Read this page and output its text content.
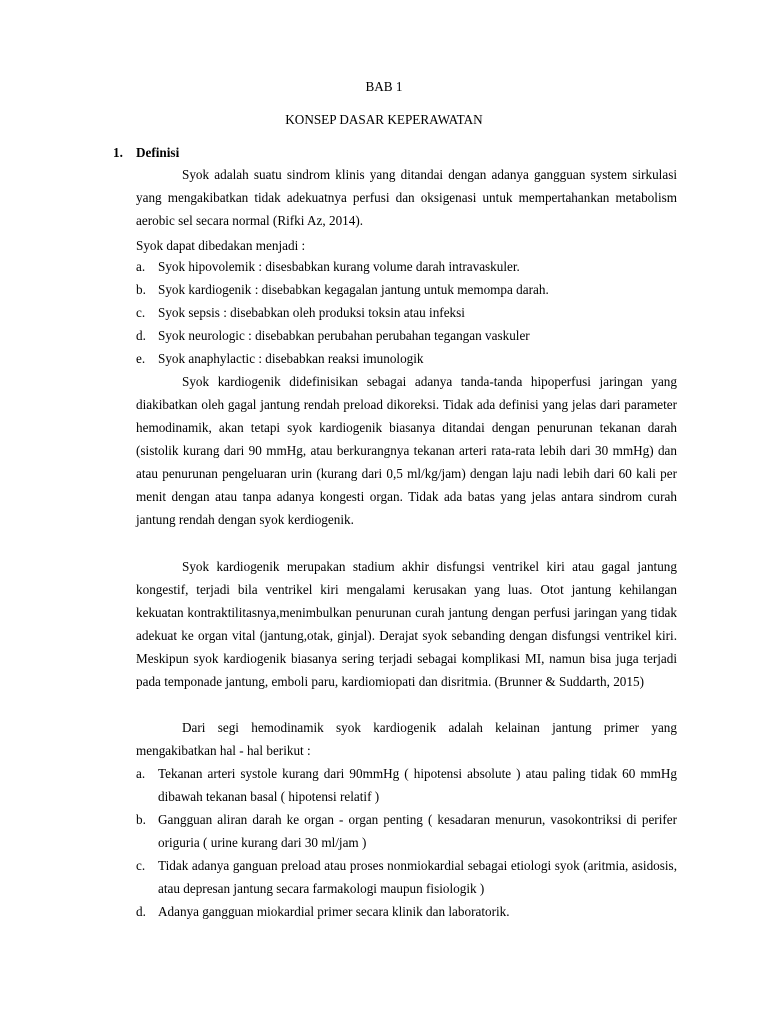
BAB 1
KONSEP DASAR KEPERAWATAN
1. Definisi

Syok adalah suatu sindrom klinis yang ditandai dengan adanya gangguan system sirkulasi yang mengakibatkan tidak adekuatnya perfusi dan oksigenasi untuk mempertahankan metabolism aerobic sel secara normal (Rifki Az, 2014).

Syok dapat dibedakan menjadi :
a. Syok hipovolemik : disesbabkan kurang volume darah intravaskuler.
b. Syok kardiogenik : disebabkan kegagalan jantung untuk memompa darah.
c. Syok sepsis : disebabkan oleh produksi toksin atau infeksi
d. Syok neurologic : disebabkan perubahan perubahan tegangan vaskuler
e. Syok anaphylactic : disebabkan reaksi imunologik

Syok kardiogenik didefinisikan sebagai adanya tanda-tanda hipoperfusi jaringan yang diakibatkan oleh gagal jantung rendah preload dikoreksi. Tidak ada definisi yang jelas dari parameter hemodinamik, akan tetapi syok kardiogenik biasanya ditandai dengan penurunan tekanan darah (sistolik kurang dari 90 mmHg, atau berkurangnya tekanan arteri rata-rata lebih dari 30 mmHg) dan atau penurunan pengeluaran urin (kurang dari 0,5 ml/kg/jam) dengan laju nadi lebih dari 60 kali per menit dengan atau tanpa adanya kongesti organ. Tidak ada batas yang jelas antara sindrom curah jantung rendah dengan syok kerdiogenik.

Syok kardiogenik merupakan stadium akhir disfungsi ventrikel kiri atau gagal jantung kongestif, terjadi bila ventrikel kiri mengalami kerusakan yang luas. Otot jantung kehilangan kekuatan kontraktilitasnya,menimbulkan penurunan curah jantung dengan perfusi jaringan yang tidak adekuat ke organ vital (jantung,otak, ginjal). Derajat syok sebanding dengan disfungsi ventrikel kiri. Meskipun syok kardiogenik biasanya sering terjadi sebagai komplikasi MI, namun bisa juga terjadi pada temponade jantung, emboli paru, kardiomiopati dan disritmia. (Brunner & Suddarth, 2015)

Dari segi hemodinamik syok kardiogenik adalah kelainan jantung primer yang mengakibatkan hal - hal berikut :

a. Tekanan arteri systole kurang dari 90mmHg ( hipotensi absolute ) atau paling tidak 60 mmHg dibawah tekanan basal ( hipotensi relatif )
b. Gangguan aliran darah ke organ - organ penting ( kesadaran menurun, vasokontriksi di perifer origuria ( urine kurang dari 30 ml/jam )
c. Tidak adanya ganguan preload atau proses nonmiokardial sebagai etiologi syok (aritmia, asidosis, atau depresan jantung secara farmakologi maupun fisiologik )
d. Adanya gangguan miokardial primer secara klinik dan laboratorik.
